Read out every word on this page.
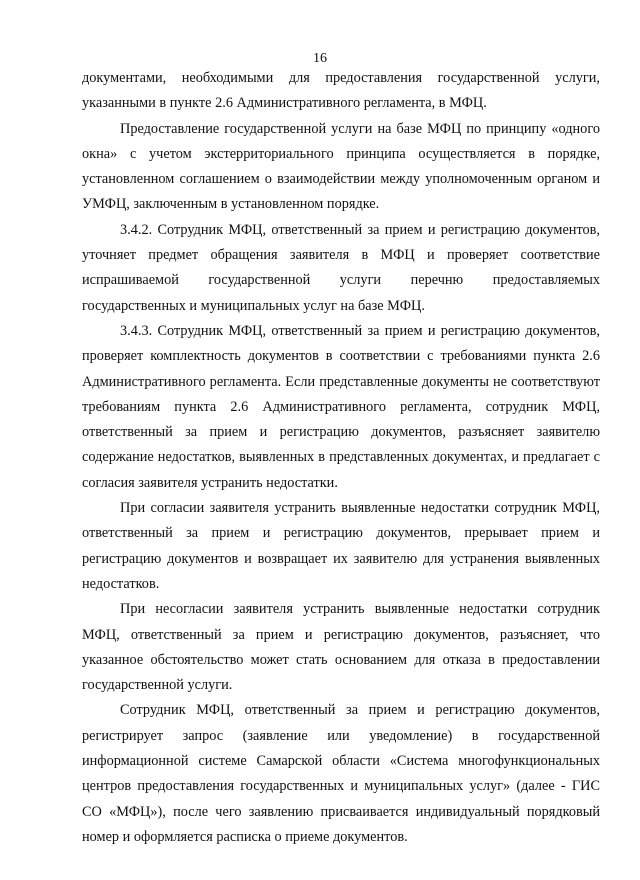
16

документами, необходимыми для предоставления государственной услуги, указанными в пункте 2.6 Административного регламента, в МФЦ.

Предоставление государственной услуги на базе МФЦ по принципу «одного окна» с учетом экстерриториального принципа осуществляется в порядке, установленном соглашением о взаимодействии между уполномоченным органом и УМФЦ, заключенным в установленном порядке.

3.4.2. Сотрудник МФЦ, ответственный за прием и регистрацию документов, уточняет предмет обращения заявителя в МФЦ и проверяет соответствие испрашиваемой государственной услуги перечню предоставляемых государственных и муниципальных услуг на базе МФЦ.

3.4.3. Сотрудник МФЦ, ответственный за прием и регистрацию документов, проверяет комплектность документов в соответствии с требованиями пункта 2.6 Административного регламента. Если представленные документы не соответствуют требованиям пункта 2.6 Административного регламента, сотрудник МФЦ, ответственный за прием и регистрацию документов, разъясняет заявителю содержание недостатков, выявленных в представленных документах, и предлагает с согласия заявителя устранить недостатки.

При согласии заявителя устранить выявленные недостатки сотрудник МФЦ, ответственный за прием и регистрацию документов, прерывает прием и регистрацию документов и возвращает их заявителю для устранения выявленных недостатков.

При несогласии заявителя устранить выявленные недостатки сотрудник МФЦ, ответственный за прием и регистрацию документов, разъясняет, что указанное обстоятельство может стать основанием для отказа в предоставлении государственной услуги.

Сотрудник МФЦ, ответственный за прием и регистрацию документов, регистрирует запрос (заявление или уведомление) в государственной информационной системе Самарской области «Система многофункциональных центров предоставления государственных и муниципальных услуг» (далее - ГИС СО «МФЦ»), после чего заявлению присваивается индивидуальный порядковый номер и оформляется расписка о приеме документов.
